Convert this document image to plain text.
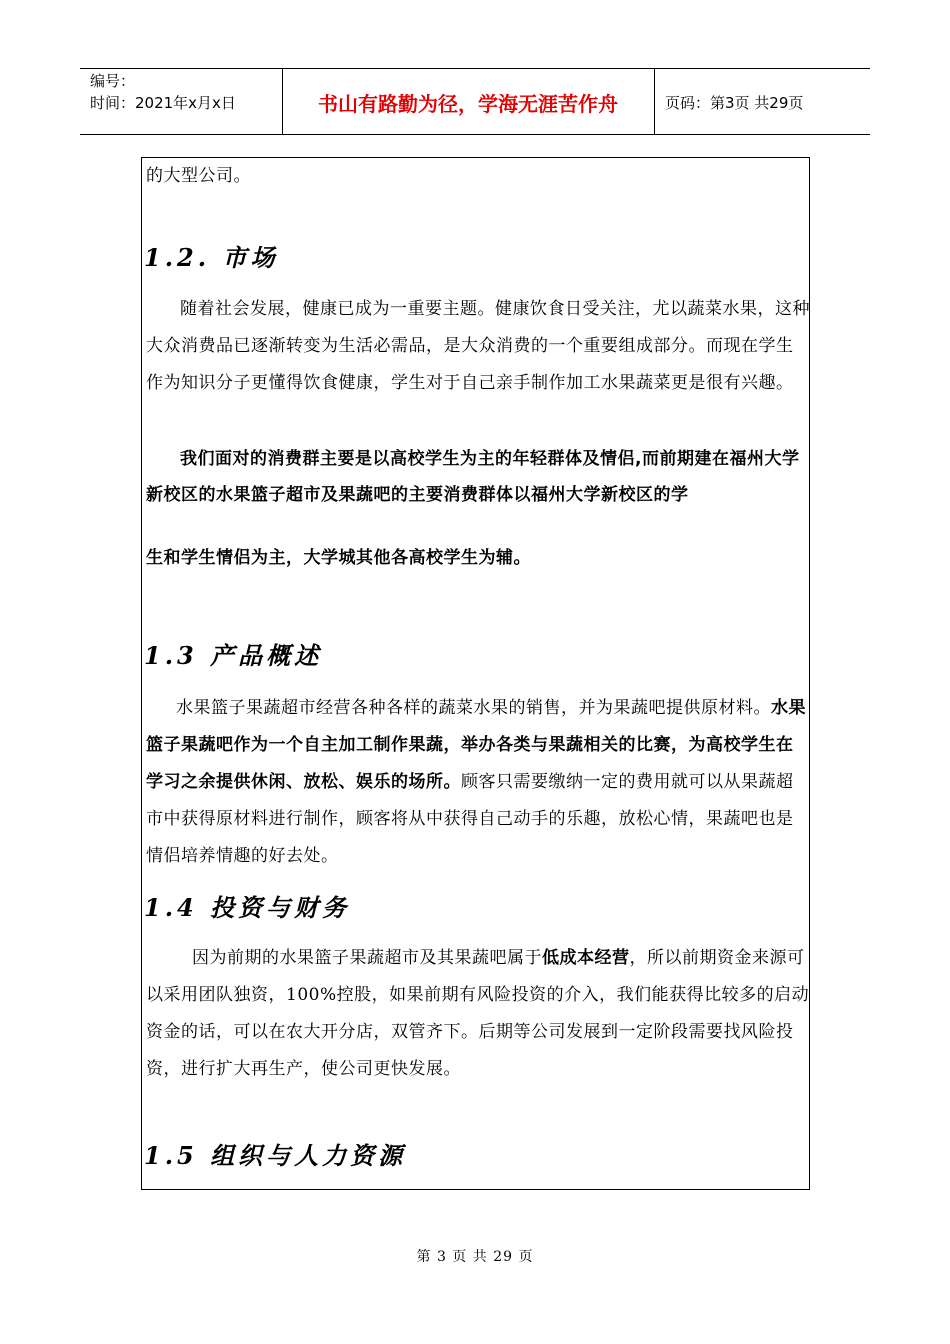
编号：
时间：2021年x月x日	书山有路勤为径，学海无涯苦作舟	页码：第3页 共29页
的大型公司。
1.2. 市场
随着社会发展，健康已成为一重要主题。健康饮食日受关注，尤以蔬菜水果，这种大众消费品已逐渐转变为生活必需品，是大众消费的一个重要组成部分。而现在学生作为知识分子更懂得饮食健康，学生对于自己亲手制作加工水果蔬菜更是很有兴趣。
我们面对的消费群主要是以高校学生为主的年轻群体及情侣,而前期建在福州大学新校区的水果篮子超市及果蔬吧的主要消费群体以福州大学新校区的学
生和学生情侣为主，大学城其他各高校学生为辅。
1.3 产品概述
水果篮子果蔬超市经营各种各样的蔬菜水果的销售，并为果蔬吧提供原材料。水果篮子果蔬吧作为一个自主加工制作果蔬，举办各类与果蔬相关的比赛，为高校学生在学习之余提供休闲、放松、娱乐的场所。顾客只需要缴纳一定的费用就可以从果蔬超市中获得原材料进行制作，顾客将从中获得自己动手的乐趣，放松心情，果蔬吧也是情侣培养情趣的好去处。
1.4 投资与财务
因为前期的水果篮子果蔬超市及其果蔬吧属于低成本经营，所以前期资金来源可以采用团队独资，100%控股，如果前期有风险投资的介入，我们能获得比较多的启动资金的话，可以在农大开分店，双管齐下。后期等公司发展到一定阶段需要找风险投资，进行扩大再生产，使公司更快发展。
1.5 组织与人力资源
第 3 页 共 29 页
